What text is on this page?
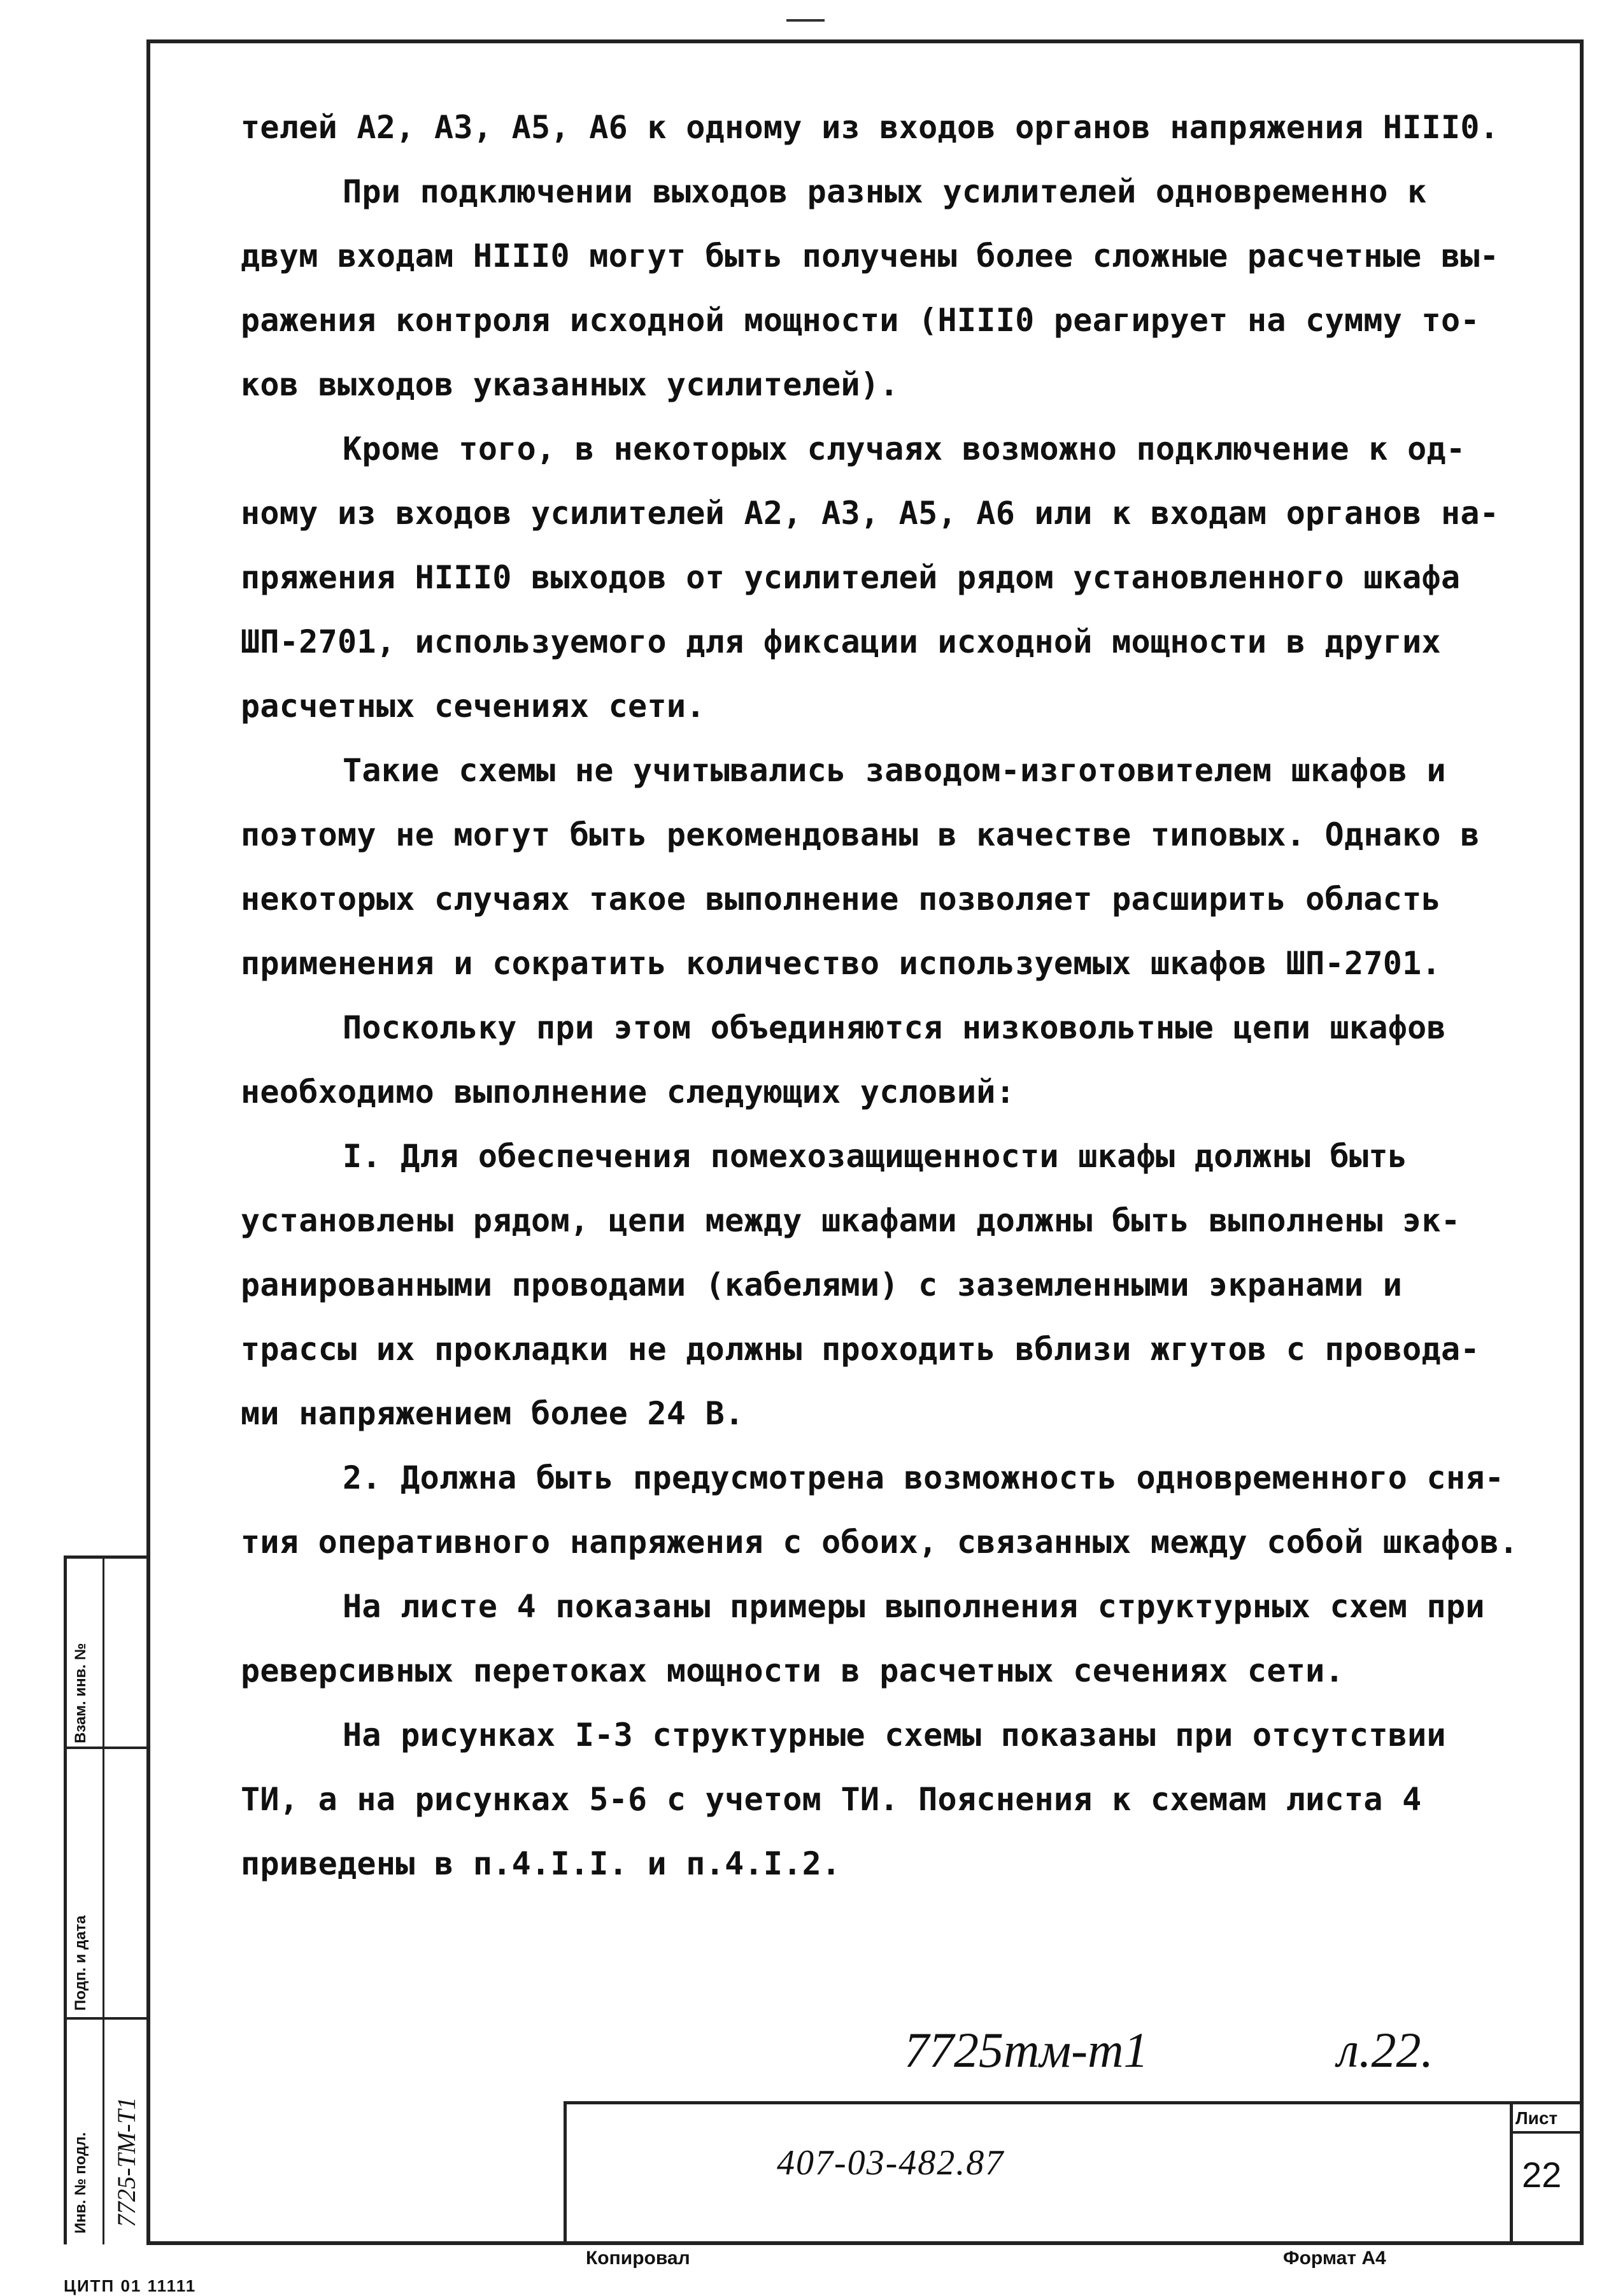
телей А2, А3, А5, А6 к одному из входов органов напряжения НIII0.
При подключении выходов разных усилителей одновременно к
двум входам НIII0 могут быть получены более сложные расчетные вы-
ражения контроля исходной мощности (НIII0 реагирует на сумму то-
ков выходов указанных усилителей).
Кроме того, в некоторых случаях возможно подключение к од-
ному из входов усилителей А2, А3, А5, А6 или к входам органов на-
пряжения НIII0 выходов от усилителей рядом установленного шкафа
ШП-2701, используемого для фиксации исходной мощности в других
расчетных сечениях сети.
Такие схемы не учитывались заводом-изготовителем шкафов и
поэтому не могут быть рекомендованы в качестве типовых. Однако в
некоторых случаях такое выполнение позволяет расширить область
применения и сократить количество используемых шкафов ШП-2701.
Поскольку при этом объединяются низковольтные цепи шкафов
необходимо выполнение следующих условий:
I. Для обеспечения помехозащищенности шкафы должны быть
установлены рядом, цепи между шкафами должны быть выполнены эк-
ранированными проводами (кабелями) с заземленными экранами и
трассы их прокладки не должны проходить вблизи жгутов с провода-
ми напряжением более 24 В.
2. Должна быть предусмотрена возможность одновременного сня-
тия оперативного напряжения с обоих, связанных между собой шкафов.
На листе 4 показаны примеры выполнения структурных схем при
реверсивных перетоках мощности в расчетных сечениях сети.
На рисунках I-3 структурные схемы показаны при отсутствии
ТИ, а на рисунках 5-6 с учетом ТИ. Пояснения к схемам листа 4
приведены в п.4.I.I. и п.4.I.2.
Взам. инв. №
Подп. и дата
Инв. № подл. 7725-ТМ-Т1
7725тм-т1	л.22.
407-03-482.87
Лист
22
Копировал	Формат А4
ЦИТП 01 11111
